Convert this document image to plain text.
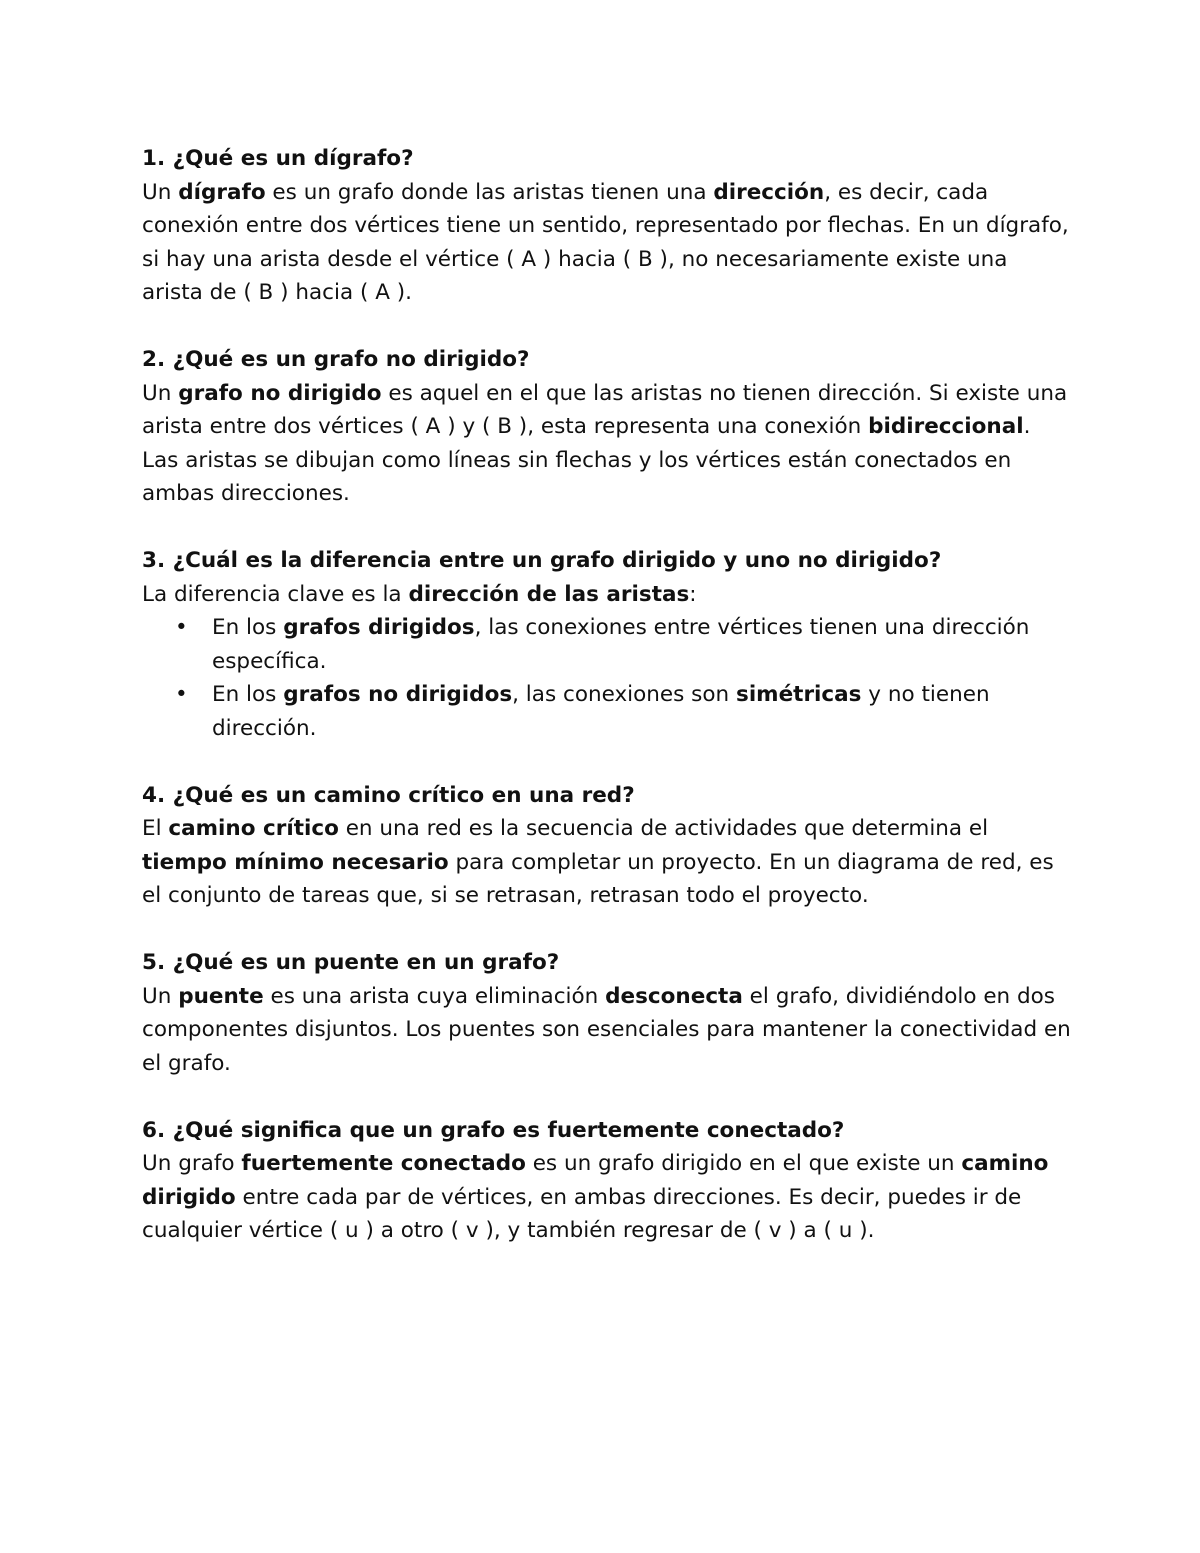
1. ¿Qué es un dígrafo?

Un dígrafo es un grafo donde las aristas tienen una dirección, es decir, cada conexión entre dos vértices tiene un sentido, representado por flechas. En un dígrafo, si hay una arista desde el vértice ( A ) hacia ( B ), no necesariamente existe una arista de ( B ) hacia ( A ).

2. ¿Qué es un grafo no dirigido?

Un grafo no dirigido es aquel en el que las aristas no tienen dirección. Si existe una arista entre dos vértices ( A ) y ( B ), esta representa una conexión bidireccional. Las aristas se dibujan como líneas sin flechas y los vértices están conectados en ambas direcciones.

3. ¿Cuál es la diferencia entre un grafo dirigido y uno no dirigido?

La diferencia clave es la dirección de las aristas:

• En los grafos dirigidos, las conexiones entre vértices tienen una dirección específica.
• En los grafos no dirigidos, las conexiones son simétricas y no tienen dirección.

4. ¿Qué es un camino crítico en una red?

El camino crítico en una red es la secuencia de actividades que determina el tiempo mínimo necesario para completar un proyecto. En un diagrama de red, es el conjunto de tareas que, si se retrasan, retrasan todo el proyecto.

5. ¿Qué es un puente en un grafo?

Un puente es una arista cuya eliminación desconecta el grafo, dividiéndolo en dos componentes disjuntos. Los puentes son esenciales para mantener la conectividad en el grafo.

6. ¿Qué significa que un grafo es fuertemente conectado?

Un grafo fuertemente conectado es un grafo dirigido en el que existe un camino dirigido entre cada par de vértices, en ambas direcciones. Es decir, puedes ir de cualquier vértice ( u ) a otro ( v ), y también regresar de ( v ) a ( u ).
